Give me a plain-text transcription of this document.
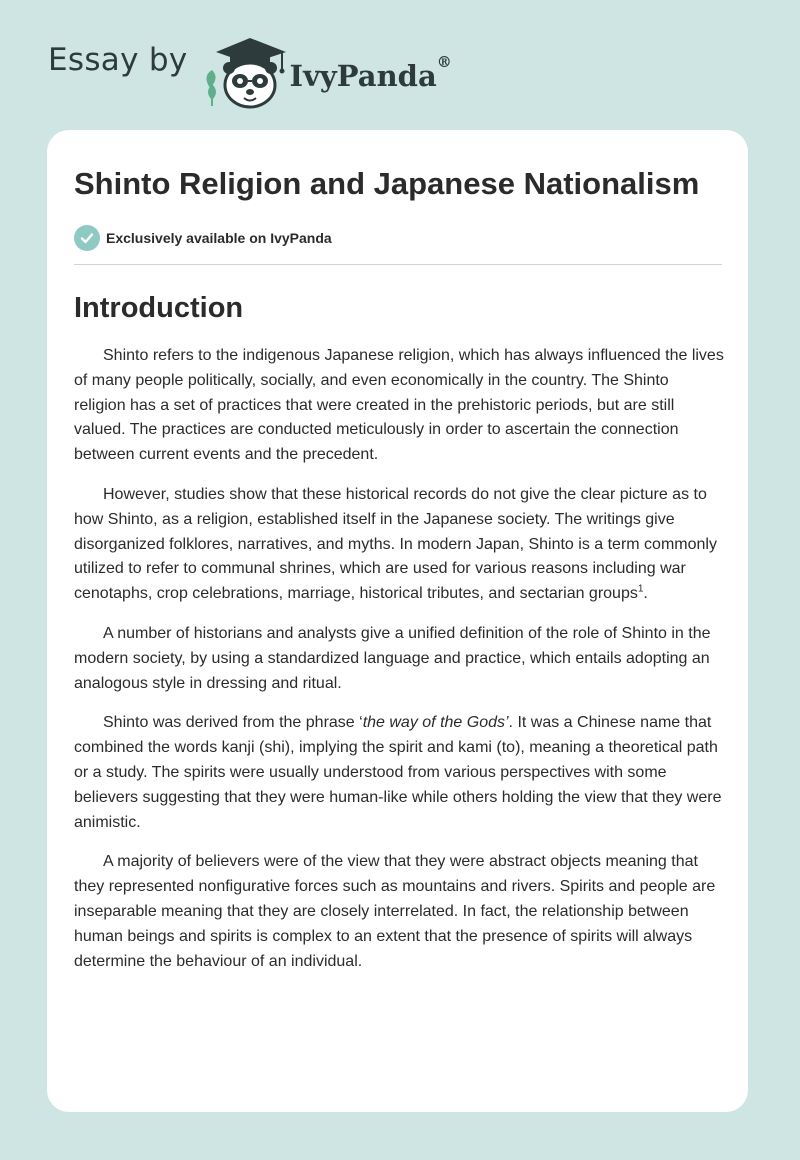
Essay by	IvyPanda®
Shinto Religion and Japanese Nationalism
Exclusively available on IvyPanda
Introduction

Shinto refers to the indigenous Japanese religion, which has always influenced the lives of many people politically, socially, and even economically in the country. The Shinto religion has a set of practices that were created in the prehistoric periods, but are still valued. The practices are conducted meticulously in order to ascertain the connection between current events and the precedent.

However, studies show that these historical records do not give the clear picture as to how Shinto, as a religion, established itself in the Japanese society. The writings give disorganized folklores, narratives, and myths. In modern Japan, Shinto is a term commonly utilized to refer to communal shrines, which are used for various reasons including war cenotaphs, crop celebrations, marriage, historical tributes, and sectarian groups$^1$.

A number of historians and analysts give a unified definition of the role of Shinto in the modern society, by using a standardized language and practice, which entails adopting an analogous style in dressing and ritual.

Shinto was derived from the phrase ‘the way of the Gods’. It was a Chinese name that combined the words kanji (shi), implying the spirit and kami (to), meaning a theoretical path or a study. The spirits were usually understood from various perspectives with some believers suggesting that they were human-like while others holding the view that they were animistic.

A majority of believers were of the view that they were abstract objects meaning that they represented nonfigurative forces such as mountains and rivers. Spirits and people are inseparable meaning that they are closely interrelated. In fact, the relationship between human beings and spirits is complex to an extent that the presence of spirits will always determine the behaviour of an individual.
